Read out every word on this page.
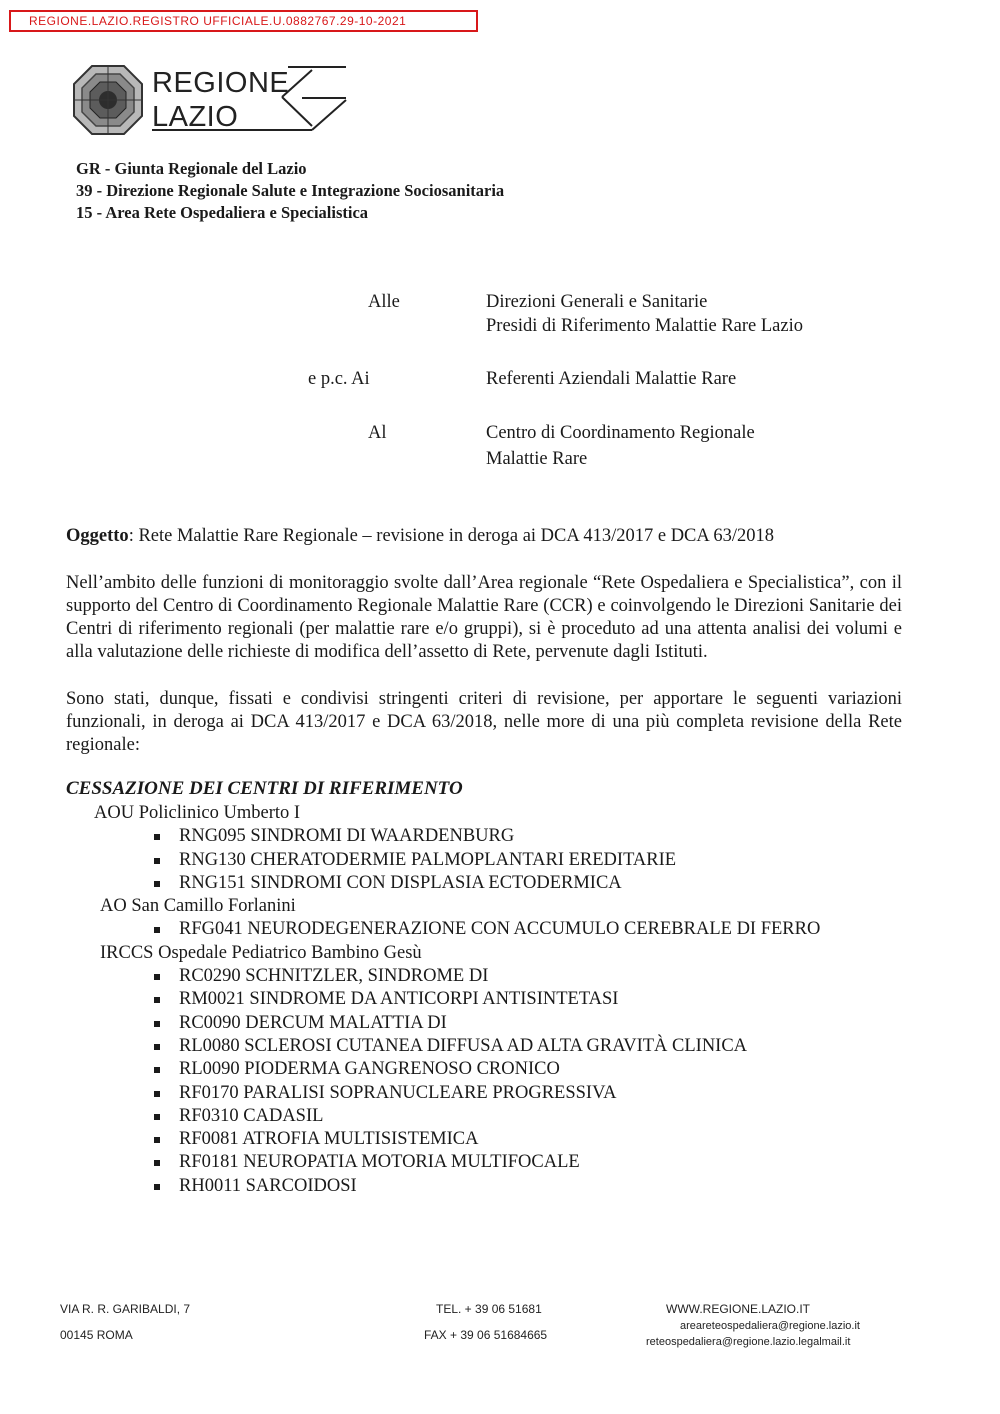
REGIONE.LAZIO.REGISTRO UFFICIALE.U.0882767.29-10-2021
REGIONE
LAZIO
GR - Giunta Regionale del Lazio
39 - Direzione Regionale Salute e Integrazione Sociosanitaria
15 - Area Rete Ospedaliera e Specialistica
Alle	Direzioni Generali e Sanitarie
Presidi di Riferimento Malattie Rare Lazio
e p.c. Ai	Referenti Aziendali Malattie Rare
Al	Centro di Coordinamento Regionale
Malattie Rare
Oggetto: Rete Malattie Rare Regionale – revisione in deroga ai DCA 413/2017 e DCA 63/2018

Nell’ambito delle funzioni di monitoraggio svolte dall’Area regionale “Rete Ospedaliera e Specialistica”, con il supporto del Centro di Coordinamento Regionale Malattie Rare (CCR) e coinvolgendo le Direzioni Sanitarie dei Centri di riferimento regionali (per malattie rare e/o gruppi), si è proceduto ad una attenta analisi dei volumi e alla valutazione delle richieste di modifica dell’assetto di Rete, pervenute dagli Istituti.

Sono stati, dunque, fissati e condivisi stringenti criteri di revisione, per apportare le seguenti variazioni funzionali, in deroga ai DCA 413/2017 e DCA 63/2018, nelle more di una più completa revisione della Rete regionale:

CESSAZIONE DEI CENTRI DI RIFERIMENTO
AOU Policlinico Umberto I
RNG095 SINDROMI DI WAARDENBURG
RNG130 CHERATODERMIE PALMOPLANTARI EREDITARIE
RNG151 SINDROMI CON DISPLASIA ECTODERMICA
AO San Camillo Forlanini
RFG041 NEURODEGENERAZIONE CON ACCUMULO CEREBRALE DI FERRO
IRCCS Ospedale Pediatrico Bambino Gesù
RC0290 SCHNITZLER, SINDROME DI
RM0021 SINDROME DA ANTICORPI ANTISINTETASI
RC0090 DERCUM MALATTIA DI
RL0080 SCLEROSI CUTANEA DIFFUSA AD ALTA GRAVITÀ CLINICA
RL0090 PIODERMA GANGRENOSO CRONICO
RF0170 PARALISI SOPRANUCLEARE PROGRESSIVA
RF0310 CADASIL
RF0081 ATROFIA MULTISISTEMICA
RF0181 NEUROPATIA MOTORIA MULTIFOCALE
RH0011 SARCOIDOSI
VIA R. R. GARIBALDI, 7
00145 ROMA
TEL. + 39 06 51681
FAX + 39 06 51684665
WWW.REGIONE.LAZIO.IT
areareteospedaliera@regione.lazio.it
reteospedaliera@regione.lazio.legalmail.it
